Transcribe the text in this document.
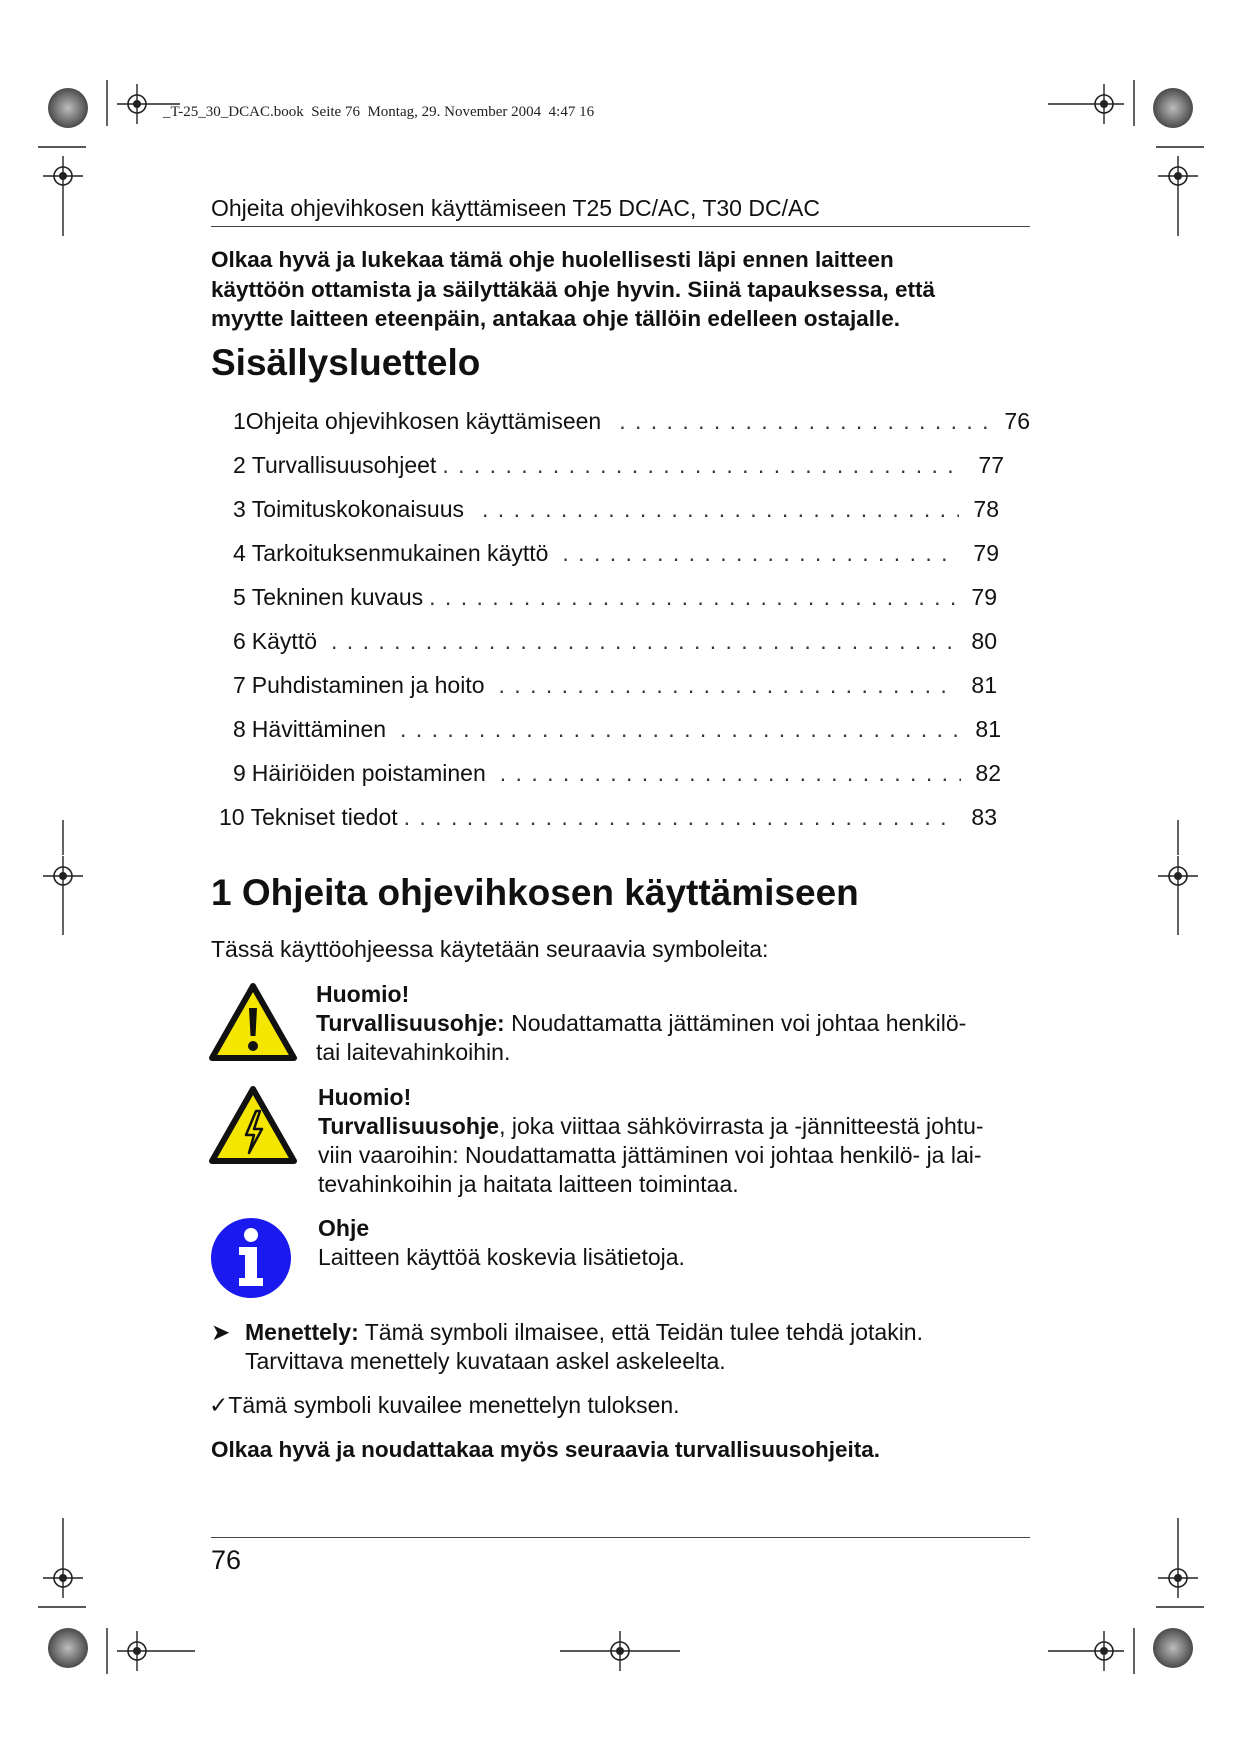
_T-25_30_DCAC.book  Seite 76  Montag, 29. November 2004  4:47 16
Ohjeita ohjevihkosen käyttämiseen T25 DC/AC, T30 DC/AC
Olkaa hyvä ja lukekaa tämä ohje huolellisesti läpi ennen laitteen
käyttöön ottamista ja säilyttäkää ohje hyvin. Siinä tapauksessa, että
myytte laitteen eteenpäin, antakaa ohje tällöin edelleen ostajalle.
Sisällysluettelo
1 Ohjeita ohjevihkosen käyttämiseen . . .	76
2 Turvallisuusohjeet . . .	77
3 Toimituskokonaisuus . . .	78
4 Tarkoituksenmukainen käyttö . . .	79
5 Tekninen kuvaus . . .	79
6 Käyttö . . .	80
7 Puhdistaminen ja hoito . . .	81
8 Hävittäminen . . .	81
9 Häiriöiden poistaminen . . .	82
10 Tekniset tiedot . . .	83
1 Ohjeita ohjevihkosen käyttämiseen
Tässä käyttöohjeessa käytetään seuraavia symboleita:
Huomio!
Turvallisuusohje: Noudattamatta jättäminen voi johtaa henkilö-
tai laitevahinkoihin.
Huomio!
Turvallisuusohje, joka viittaa sähkövirrasta ja -jännitteestä johtu-
viin vaaroihin: Noudattamatta jättäminen voi johtaa henkilö- ja lai-
tevahinkoihin ja haitata laitteen toimintaa.
Ohje
Laitteen käyttöä koskevia lisätietoja.
➤ Menettely: Tämä symboli ilmaisee, että Teidän tulee tehdä jotakin.
Tarvittava menettely kuvataan askel askeleelta.
✓Tämä symboli kuvailee menettelyn tuloksen.
Olkaa hyvä ja noudattakaa myös seuraavia turvallisuusohjeita.
76
